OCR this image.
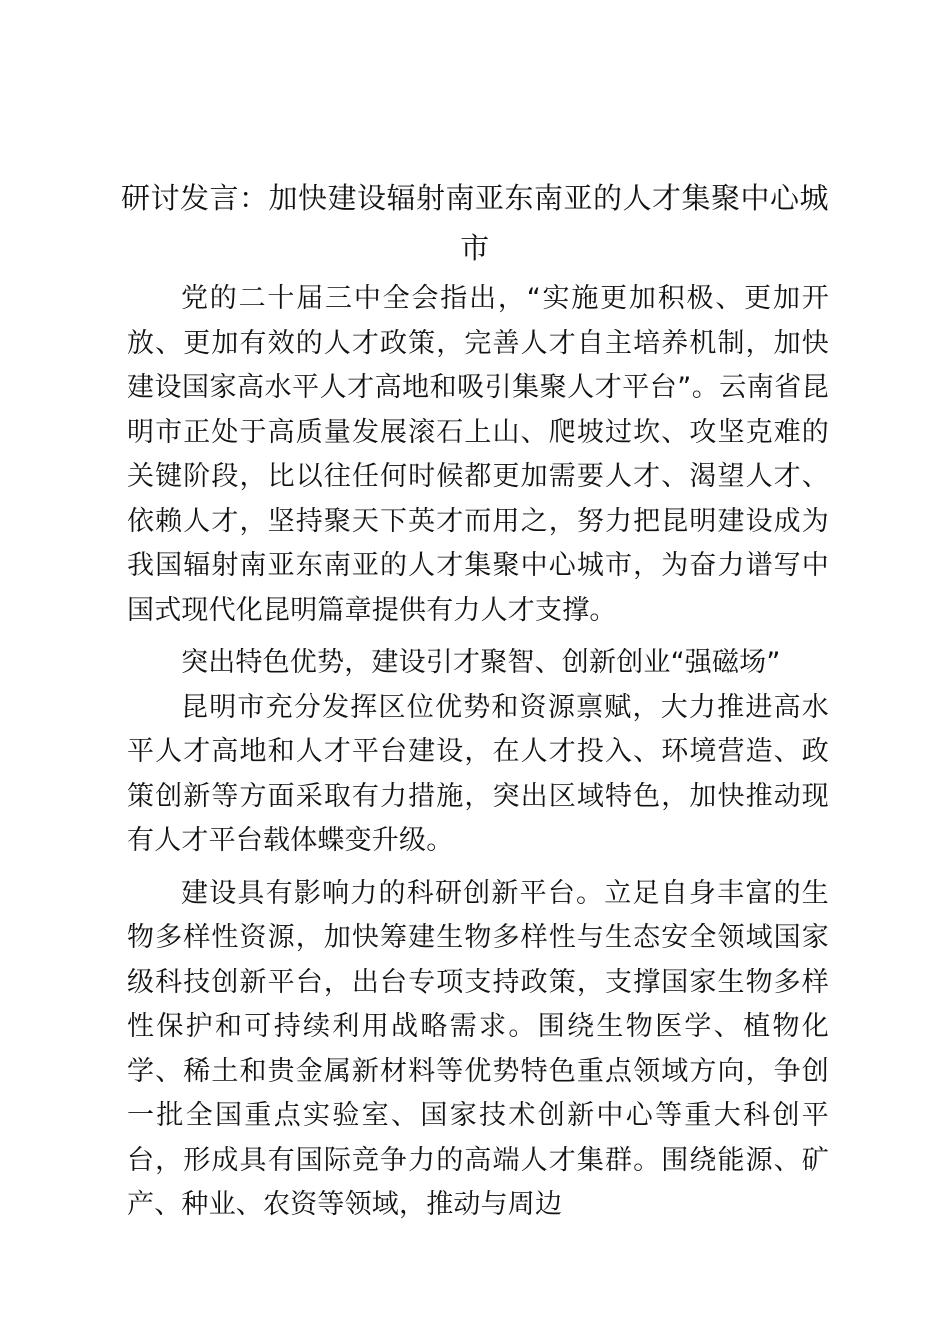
研讨发言：加快建设辐射南亚东南亚的人才集聚中心城市

党的二十届三中全会指出，“实施更加积极、更加开放、更加有效的人才政策，完善人才自主培养机制，加快建设国家高水平人才高地和吸引集聚人才平台”。云南省昆明市正处于高质量发展滚石上山、爬坡过坎、攻坚克难的关键阶段，比以往任何时候都更加需要人才、渴望人才、依赖人才，坚持聚天下英才而用之，努力把昆明建设成为我国辐射南亚东南亚的人才集聚中心城市，为奋力谱写中国式现代化昆明篇章提供有力人才支撑。

突出特色优势，建设引才聚智、创新创业“强磁场”

昆明市充分发挥区位优势和资源禀赋，大力推进高水平人才高地和人才平台建设，在人才投入、环境营造、政策创新等方面采取有力措施，突出区域特色，加快推动现有人才平台载体蝶变升级。

建设具有影响力的科研创新平台。立足自身丰富的生物多样性资源，加快筹建生物多样性与生态安全领域国家级科技创新平台，出台专项支持政策，支撑国家生物多样性保护和可持续利用战略需求。围绕生物医学、植物化学、稀土和贵金属新材料等优势特色重点领域方向，争创一批全国重点实验室、国家技术创新中心等重大科创平台，形成具有国际竞争力的高端人才集群。围绕能源、矿产、种业、农资等领域，推动与周边
